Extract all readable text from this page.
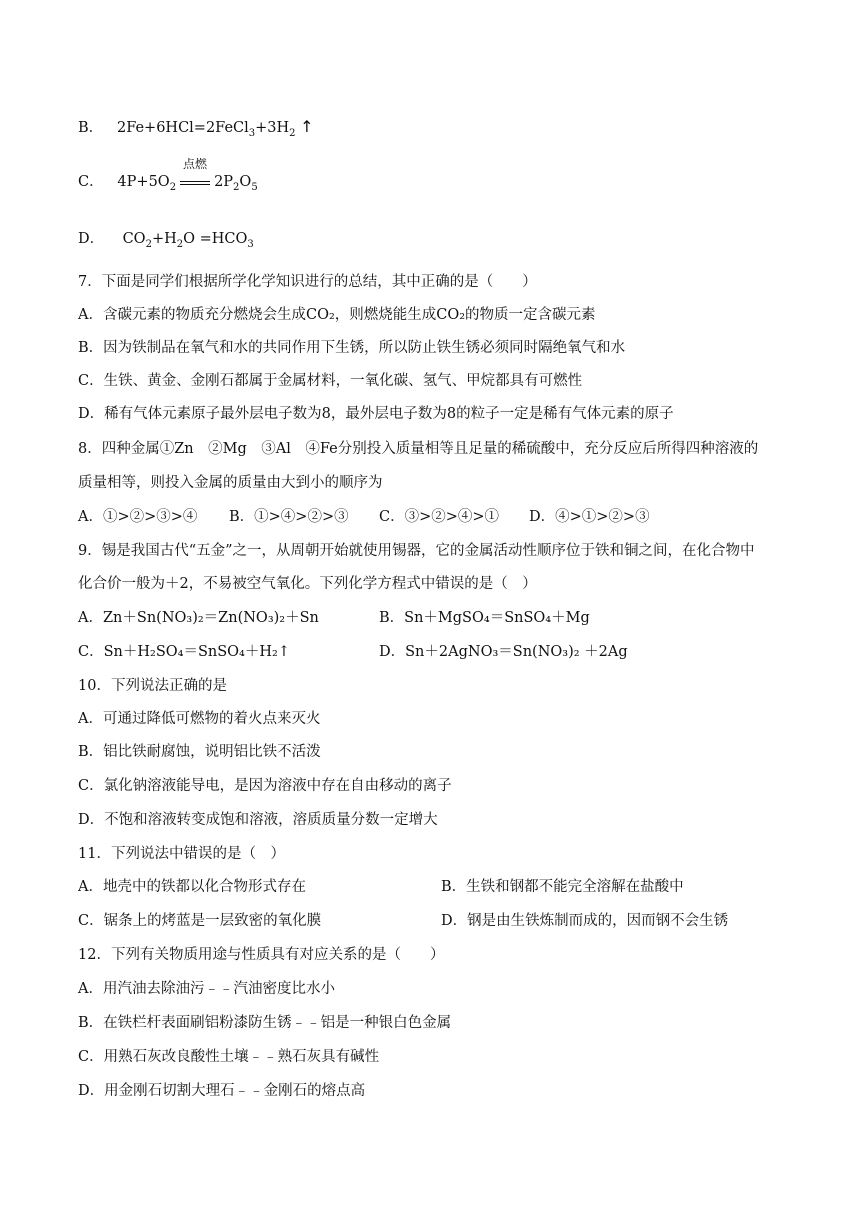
B．   $2Fe+6HCl=2FeCl_3+3H_2$ ↑
C．   $4P+5O_2$
点燃
$2P_2O_5$
D．    $CO_2+H_2O =HCO_3$
7．下面是同学们根据所学化学知识进行的总结，其中正确的是（　　）
A．含碳元素的物质充分燃烧会生成CO₂，则燃烧能生成CO₂的物质一定含碳元素
B．因为铁制品在氧气和水的共同作用下生锈，所以防止铁生锈必须同时隔绝氧气和水
C．生铁、黄金、金刚石都属于金属材料，一氧化碳、氢气、甲烷都具有可燃性
D．稀有气体元素原子最外层电子数为8，最外层电子数为8的粒子一定是稀有气体元素的原子
8．四种金属①Zn　②Mg　③Al　④Fe分别投入质量相等且足量的稀硫酸中，充分反应后所得四种溶液的
质量相等，则投入金属的质量由大到小的顺序为
A．①>②>③>④ B．①>④>②>③ C．③>②>④>① D．④>①>②>③
9．锡是我国古代“五金”之一，从周朝开始就使用锡器，它的金属活动性顺序位于铁和铜之间，在化合物中
化合价一般为＋2，不易被空气氧化。下列化学方程式中错误的是（　）
A．Zn＋Sn(NO₃)₂＝Zn(NO₃)₂＋Sn	B．Sn＋MgSO₄＝SnSO₄＋Mg
C．Sn＋H₂SO₄＝SnSO₄＋H₂↑	D．Sn＋2AgNO₃＝Sn(NO₃)₂ ＋2Ag
10．下列说法正确的是
A．可通过降低可燃物的着火点来灭火
B．铝比铁耐腐蚀，说明铝比铁不活泼
C．氯化钠溶液能导电，是因为溶液中存在自由移动的离子
D．不饱和溶液转变成饱和溶液，溶质质量分数一定增大
11．下列说法中错误的是（　）
A．地壳中的铁都以化合物形式存在	B．生铁和钢都不能完全溶解在盐酸中
C．锯条上的烤蓝是一层致密的氧化膜	D．钢是由生铁炼制而成的，因而钢不会生锈
12．下列有关物质用途与性质具有对应关系的是（　　）
A．用汽油去除油污﹣﹣汽油密度比水小
B．在铁栏杆表面刷铝粉漆防生锈﹣﹣铝是一种银白色金属
C．用熟石灰改良酸性土壤﹣﹣熟石灰具有碱性
D．用金刚石切割大理石﹣﹣金刚石的熔点高
